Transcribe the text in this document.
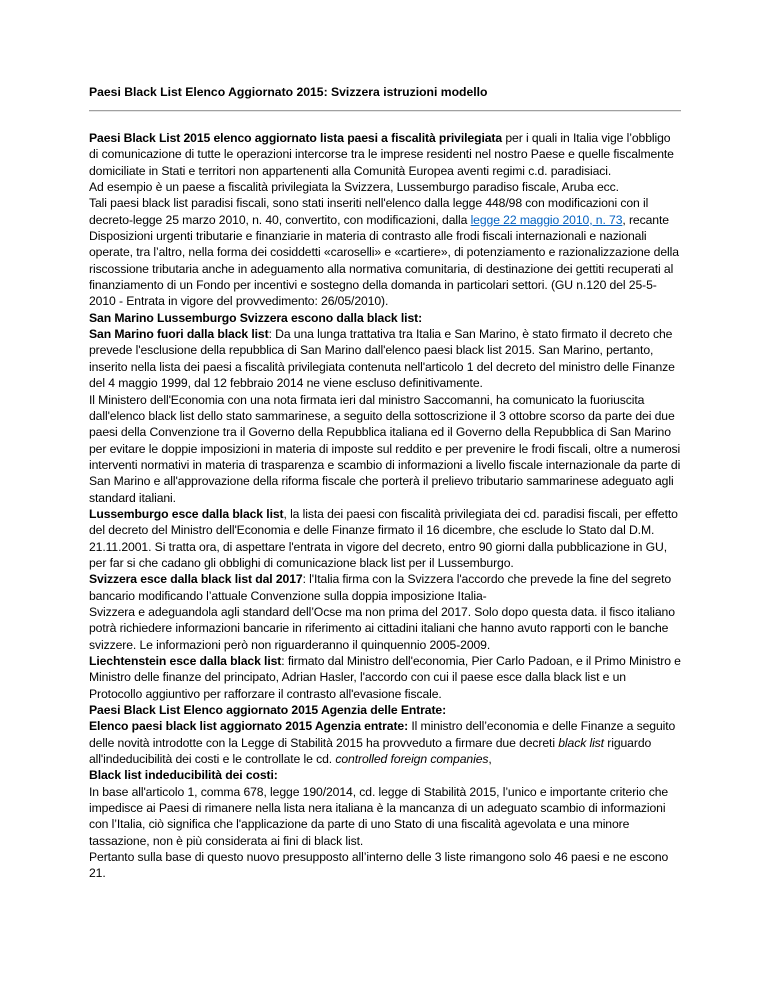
Paesi Black List Elenco Aggiornato 2015: Svizzera istruzioni modello

Paesi Black List 2015 elenco aggiornato lista paesi a fiscalità privilegiata per i quali in Italia vige l’obbligo di comunicazione di tutte le operazioni intercorse tra le imprese residenti nel nostro Paese e quelle fiscalmente domiciliate in Stati e territori non appartenenti alla Comunità Europea aventi regimi c.d. paradisiaci.

Ad esempio è un paese a fiscalità privilegiata la Svizzera, Lussemburgo paradiso fiscale, Aruba ecc.

Tali paesi black list paradisi fiscali, sono stati inseriti nell'elenco dalla legge 448/98 con modificazioni con il decreto-legge 25 marzo 2010, n. 40, convertito, con modificazioni, dalla legge 22 maggio 2010, n. 73, recante Disposizioni urgenti tributarie e finanziarie in materia di contrasto alle frodi fiscali internazionali e nazionali operate, tra l’altro, nella forma dei cosiddetti «caroselli» e «cartiere», di potenziamento e razionalizzazione della riscossione tributaria anche in adeguamento alla normativa comunitaria, di destinazione dei gettiti recuperati al finanziamento di un Fondo per incentivi e sostegno della domanda in particolari settori. (GU n.120 del 25-5-2010 - Entrata in vigore del provvedimento: 26/05/2010).

San Marino Lussemburgo Svizzera escono dalla black list:

San Marino fuori dalla black list: Da una lunga trattativa tra Italia e San Marino, è stato firmato il decreto che prevede l'esclusione della repubblica di San Marino dall'elenco paesi black list 2015. San Marino, pertanto, inserito nella lista dei paesi a fiscalità privilegiata contenuta nell'articolo 1 del decreto del ministro delle Finanze del 4 maggio 1999, dal 12 febbraio 2014 ne viene escluso definitivamente.

Il Ministero dell'Economia con una nota firmata ieri dal ministro Saccomanni, ha comunicato la fuoriuscita dall'elenco black list dello stato sammarinese, a seguito della sottoscrizione il 3 ottobre scorso da parte dei due paesi della Convenzione tra il Governo della Repubblica italiana ed il Governo della Repubblica di San Marino per evitare le doppie imposizioni in materia di imposte sul reddito e per prevenire le frodi fiscali, oltre a numerosi interventi normativi in materia di trasparenza e scambio di informazioni a livello fiscale internazionale da parte di San Marino e all'approvazione della riforma fiscale che porterà il prelievo tributario sammarinese adeguato agli standard italiani.

Lussemburgo esce dalla black list, la lista dei paesi con fiscalità privilegiata dei cd. paradisi fiscali, per effetto del decreto del Ministro dell'Economia e delle Finanze firmato il 16 dicembre, che esclude lo Stato dal D.M. 21.11.2001. Si tratta ora, di aspettare l'entrata in vigore del decreto, entro 90 giorni dalla pubblicazione in GU, per far si che cadano gli obblighi di comunicazione black list per il Lussemburgo.

Svizzera esce dalla black list dal 2017: l'Italia firma con la Svizzera l'accordo che prevede la fine del segreto bancario modificando l’attuale Convenzione sulla doppia imposizione Italia-

Svizzera e adeguandola agli standard dell’Ocse ma non prima del 2017. Solo dopo questa data. il fisco italiano potrà richiedere informazioni bancarie in riferimento ai cittadini italiani che hanno avuto rapporti con le banche svizzere. Le informazioni però non riguarderanno il quinquennio 2005-2009.

Liechtenstein esce dalla black list: firmato dal Ministro dell'economia, Pier Carlo Padoan, e il Primo Ministro e Ministro delle finanze del principato, Adrian Hasler, l'accordo con cui il paese esce dalla black list e un Protocollo aggiuntivo per rafforzare il contrasto all'evasione fiscale.

Paesi Black List Elenco aggiornato 2015 Agenzia delle Entrate:

Elenco paesi black list aggiornato 2015 Agenzia entrate: Il ministro dell’economia e delle Finanze a seguito delle novità introdotte con la Legge di Stabilità 2015 ha provveduto a firmare due decreti black list riguardo all'indeducibilità dei costi e le controllate le cd. controlled foreign companies,

Black list indeducibilità dei costi:

In base all'articolo 1, comma 678, legge 190/2014, cd. legge di Stabilità 2015, l’unico e importante criterio che impedisce ai Paesi di rimanere nella lista nera italiana è la mancanza di un adeguato scambio di informazioni con l’Italia, ciò significa che l'applicazione da parte di uno Stato di una fiscalità agevolata e una minore tassazione, non è più considerata ai fini di black list.

Pertanto sulla base di questo nuovo presupposto all’interno delle 3 liste rimangono solo 46 paesi e ne escono 21.
